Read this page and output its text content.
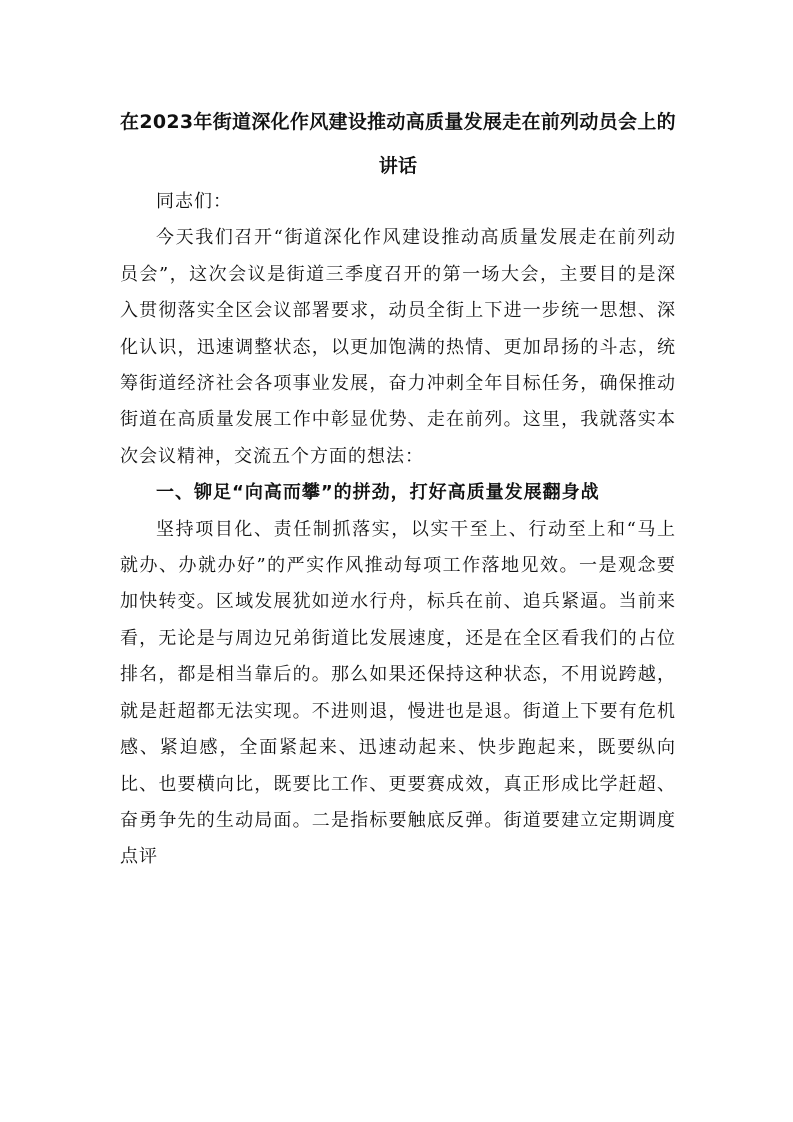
在2023年街道深化作风建设推动高质量发展走在前列动员会上的讲话

同志们：

今天我们召开“街道深化作风建设推动高质量发展走在前列动员会”，这次会议是街道三季度召开的第一场大会，主要目的是深入贯彻落实全区会议部署要求，动员全街上下进一步统一思想、深化认识，迅速调整状态，以更加饱满的热情、更加昂扬的斗志，统筹街道经济社会各项事业发展，奋力冲刺全年目标任务，确保推动街道在高质量发展工作中彰显优势、走在前列。这里，我就落实本次会议精神，交流五个方面的想法：

一、铆足“向高而攀”的拼劲，打好高质量发展翻身战

坚持项目化、责任制抓落实，以实干至上、行动至上和“马上就办、办就办好”的严实作风推动每项工作落地见效。一是观念要加快转变。区域发展犹如逆水行舟，标兵在前、追兵紧逼。当前来看，无论是与周边兄弟街道比发展速度，还是在全区看我们的占位排名，都是相当靠后的。那么如果还保持这种状态，不用说跨越，就是赶超都无法实现。不进则退，慢进也是退。街道上下要有危机感、紧迫感，全面紧起来、迅速动起来、快步跑起来，既要纵向比、也要横向比，既要比工作、更要赛成效，真正形成比学赶超、奋勇争先的生动局面。二是指标要触底反弹。街道要建立定期调度点评
